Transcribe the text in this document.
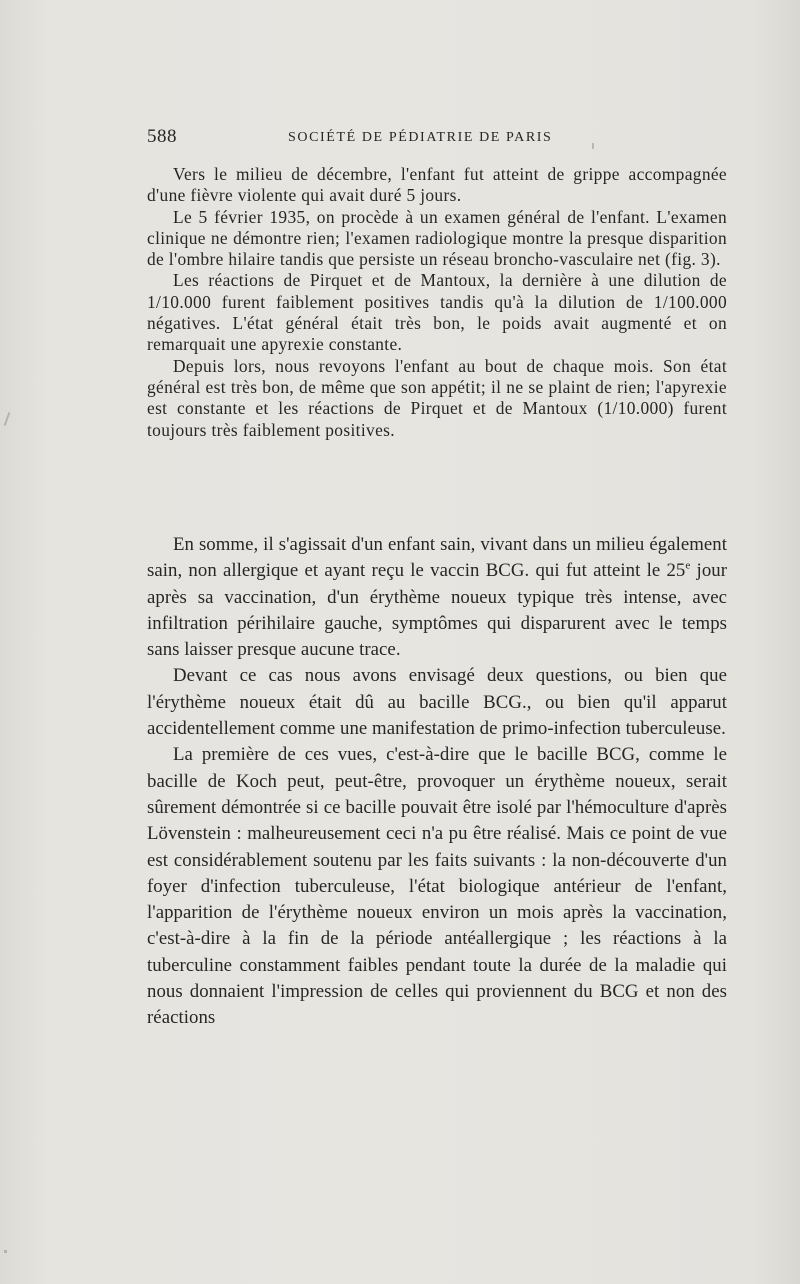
588	SOCIÉTÉ DE PÉDIATRIE DE PARIS

Vers le milieu de décembre, l'enfant fut atteint de grippe accompagnée d'une fièvre violente qui avait duré 5 jours.

Le 5 février 1935, on procède à un examen général de l'enfant. L'examen clinique ne démontre rien; l'examen radiologique montre la presque disparition de l'ombre hilaire tandis que persiste un réseau broncho-vasculaire net (fig. 3).

Les réactions de Pirquet et de Mantoux, la dernière à une dilution de 1/10.000 furent faiblement positives tandis qu'à la dilution de 1/100.000 négatives. L'état général était très bon, le poids avait augmenté et on remarquait une apyrexie constante.

Depuis lors, nous revoyons l'enfant au bout de chaque mois. Son état général est très bon, de même que son appétit; il ne se plaint de rien; l'apyrexie est constante et les réactions de Pirquet et de Mantoux (1/10.000) furent toujours très faiblement positives.

En somme, il s'agissait d'un enfant sain, vivant dans un milieu également sain, non allergique et ayant reçu le vaccin BCG. qui fut atteint le 25e jour après sa vaccination, d'un érythème noueux typique très intense, avec infiltration périhilaire gauche, symptômes qui disparurent avec le temps sans laisser presque aucune trace.

Devant ce cas nous avons envisagé deux questions, ou bien que l'érythème noueux était dû au bacille BCG., ou bien qu'il apparut accidentellement comme une manifestation de primo-infection tuberculeuse.

La première de ces vues, c'est-à-dire que le bacille BCG, comme le bacille de Koch peut, peut-être, provoquer un érythème noueux, serait sûrement démontrée si ce bacille pouvait être isolé par l'hémoculture d'après Lövenstein : malheureusement ceci n'a pu être réalisé. Mais ce point de vue est considérablement soutenu par les faits suivants : la non-découverte d'un foyer d'infection tuberculeuse, l'état biologique antérieur de l'enfant, l'apparition de l'érythème noueux environ un mois après la vaccination, c'est-à-dire à la fin de la période antéallergique ; les réactions à la tuberculine constamment faibles pendant toute la durée de la maladie qui nous donnaient l'impression de celles qui proviennent du BCG et non des réactions
